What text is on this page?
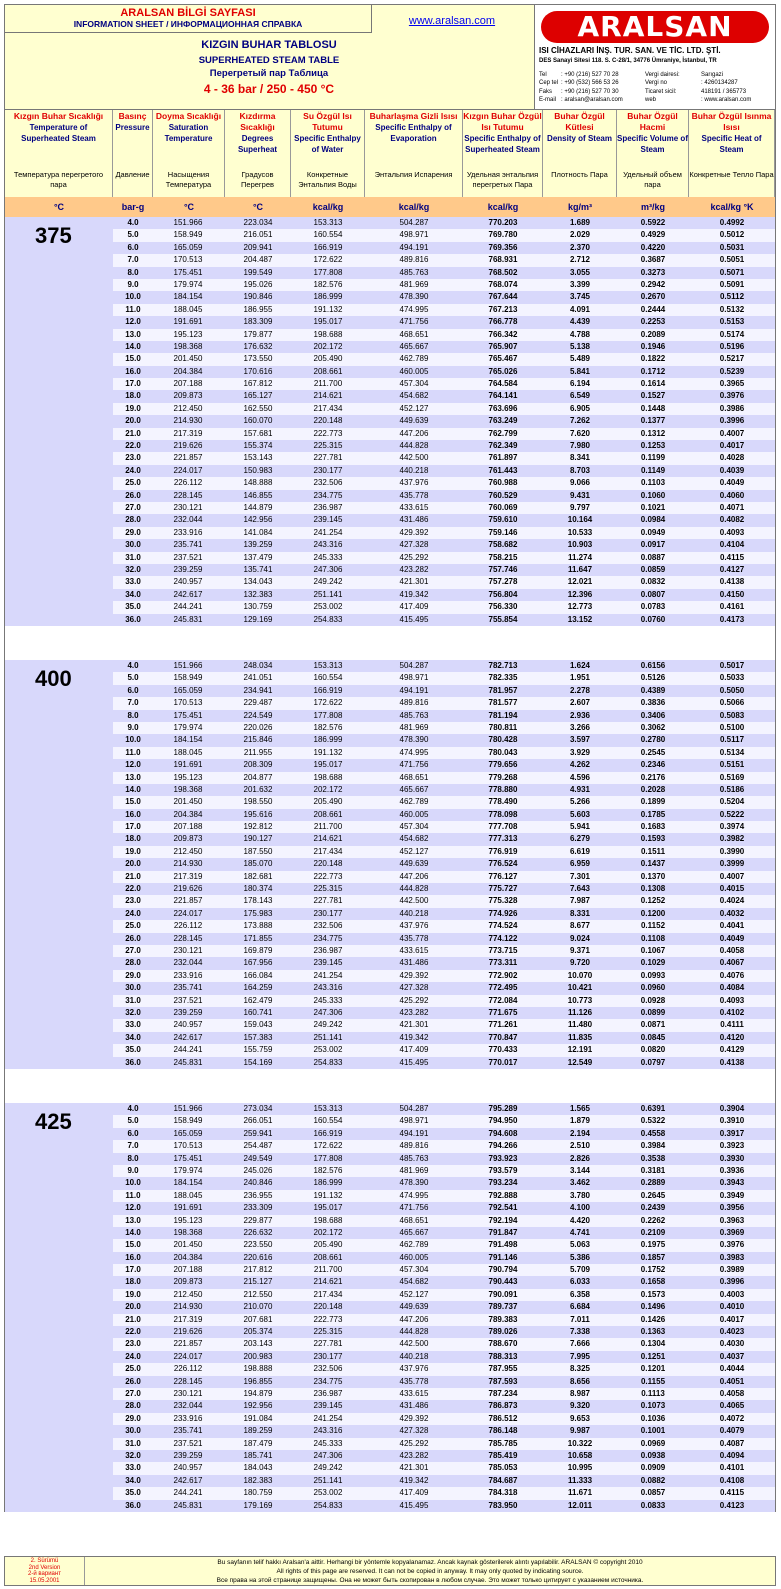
ARALSAN BİLGİ SAYFASI
INFORMATION SHEET / ИНФОРМАЦИОННАЯ СПРАВКА	www.aralsan.com
KIZGIN BUHAR TABLOSU
SUPERHEATED STEAM TABLE
Перегретый пар Таблица
4 - 36 bar / 250 - 450 °C
ARALSAN
ISI CİHAZLARI İNŞ. TUR. SAN. VE TİC. LTD. ŞTİ.
DES Sanayi Sitesi 118. S. C-28/1, 34776 Ümraniye, İstanbul, TR
Tel	: +90 (216) 527 70 28	Vergi dairesi:	Sarıgazi
Cep tel : +90 (532) 566 53 26	Vergi no	: 4260134287
Faks	: +90 (216) 527 70 30	Ticaret sicil:	418191 / 365773
E-mail : aralsan@aralsan.com	web	: www.aralsan.com
Kızgın Buhar Sıcaklığı
Temperature of Superheated Steam
Температура перегретого пара
Basınç
Pressure
Давление
Doyma Sıcaklığı
Saturation Temperature
Насыщения Температура
Kızdırma Sıcaklığı
Degrees Superheat
Градусов Перегрев
Su Özgül Isı Tutumu
Specific Enthalpy of Water
Конкретные Энтальпия Воды
Buharlaşma Gizli Isısı
Specific Enthalpy of Evaporation
Энтальпия Испарения
Kızgın Buhar Özgül Isı Tutumu
Specific Enthalpy of Superheated Steam
Удельная энтальпия перегретых Пара
Buhar Özgül Kütlesi
Density of Steam
Плотность Пара
Buhar Özgül Hacmi
Specific Volume of Steam
Удельный объем пара
Buhar Özgül Isınma Isısı
Specific Heat of Steam
Конкретные Тепло Пара
°C	bar-g	°C	°C	kcal/kg	kcal/kg	kcal/kg	kg/m³	m³/kg	kcal/kg °K
375
4.0	151.966	223.034	153.313	504.287	770.203	1.689	0.5922	0.4992
5.0	158.949	216.051	160.554	498.971	769.780	2.029	0.4929	0.5012
6.0	165.059	209.941	166.919	494.191	769.356	2.370	0.4220	0.5031
7.0	170.513	204.487	172.622	489.816	768.931	2.712	0.3687	0.5051
8.0	175.451	199.549	177.808	485.763	768.502	3.055	0.3273	0.5071
9.0	179.974	195.026	182.576	481.969	768.074	3.399	0.2942	0.5091
10.0	184.154	190.846	186.999	478.390	767.644	3.745	0.2670	0.5112
11.0	188.045	186.955	191.132	474.995	767.213	4.091	0.2444	0.5132
12.0	191.691	183.309	195.017	471.756	766.778	4.439	0.2253	0.5153
13.0	195.123	179.877	198.688	468.651	766.342	4.788	0.2089	0.5174
14.0	198.368	176.632	202.172	465.667	765.907	5.138	0.1946	0.5196
15.0	201.450	173.550	205.490	462.789	765.467	5.489	0.1822	0.5217
16.0	204.384	170.616	208.661	460.005	765.026	5.841	0.1712	0.5239
17.0	207.188	167.812	211.700	457.304	764.584	6.194	0.1614	0.3965
18.0	209.873	165.127	214.621	454.682	764.141	6.549	0.1527	0.3976
19.0	212.450	162.550	217.434	452.127	763.696	6.905	0.1448	0.3986
20.0	214.930	160.070	220.148	449.639	763.249	7.262	0.1377	0.3996
21.0	217.319	157.681	222.773	447.206	762.799	7.620	0.1312	0.4007
22.0	219.626	155.374	225.315	444.828	762.349	7.980	0.1253	0.4017
23.0	221.857	153.143	227.781	442.500	761.897	8.341	0.1199	0.4028
24.0	224.017	150.983	230.177	440.218	761.443	8.703	0.1149	0.4039
25.0	226.112	148.888	232.506	437.976	760.988	9.066	0.1103	0.4049
26.0	228.145	146.855	234.775	435.778	760.529	9.431	0.1060	0.4060
27.0	230.121	144.879	236.987	433.615	760.069	9.797	0.1021	0.4071
28.0	232.044	142.956	239.145	431.486	759.610	10.164	0.0984	0.4082
29.0	233.916	141.084	241.254	429.392	759.146	10.533	0.0949	0.4093
30.0	235.741	139.259	243.316	427.328	758.682	10.903	0.0917	0.4104
31.0	237.521	137.479	245.333	425.292	758.215	11.274	0.0887	0.4115
32.0	239.259	135.741	247.306	423.282	757.746	11.647	0.0859	0.4127
33.0	240.957	134.043	249.242	421.301	757.278	12.021	0.0832	0.4138
34.0	242.617	132.383	251.141	419.342	756.804	12.396	0.0807	0.4150
35.0	244.241	130.759	253.002	417.409	756.330	12.773	0.0783	0.4161
36.0	245.831	129.169	254.833	415.495	755.854	13.152	0.0760	0.4173
400
4.0	151.966	248.034	153.313	504.287	782.713	1.624	0.6156	0.5017
5.0	158.949	241.051	160.554	498.971	782.335	1.951	0.5126	0.5033
6.0	165.059	234.941	166.919	494.191	781.957	2.278	0.4389	0.5050
7.0	170.513	229.487	172.622	489.816	781.577	2.607	0.3836	0.5066
8.0	175.451	224.549	177.808	485.763	781.194	2.936	0.3406	0.5083
9.0	179.974	220.026	182.576	481.969	780.811	3.266	0.3062	0.5100
10.0	184.154	215.846	186.999	478.390	780.428	3.597	0.2780	0.5117
11.0	188.045	211.955	191.132	474.995	780.043	3.929	0.2545	0.5134
12.0	191.691	208.309	195.017	471.756	779.656	4.262	0.2346	0.5151
13.0	195.123	204.877	198.688	468.651	779.268	4.596	0.2176	0.5169
14.0	198.368	201.632	202.172	465.667	778.880	4.931	0.2028	0.5186
15.0	201.450	198.550	205.490	462.789	778.490	5.266	0.1899	0.5204
16.0	204.384	195.616	208.661	460.005	778.098	5.603	0.1785	0.5222
17.0	207.188	192.812	211.700	457.304	777.708	5.941	0.1683	0.3974
18.0	209.873	190.127	214.621	454.682	777.313	6.279	0.1593	0.3982
19.0	212.450	187.550	217.434	452.127	776.919	6.619	0.1511	0.3990
20.0	214.930	185.070	220.148	449.639	776.524	6.959	0.1437	0.3999
21.0	217.319	182.681	222.773	447.206	776.127	7.301	0.1370	0.4007
22.0	219.626	180.374	225.315	444.828	775.727	7.643	0.1308	0.4015
23.0	221.857	178.143	227.781	442.500	775.328	7.987	0.1252	0.4024
24.0	224.017	175.983	230.177	440.218	774.926	8.331	0.1200	0.4032
25.0	226.112	173.888	232.506	437.976	774.524	8.677	0.1152	0.4041
26.0	228.145	171.855	234.775	435.778	774.122	9.024	0.1108	0.4049
27.0	230.121	169.879	236.987	433.615	773.715	9.371	0.1067	0.4058
28.0	232.044	167.956	239.145	431.486	773.311	9.720	0.1029	0.4067
29.0	233.916	166.084	241.254	429.392	772.902	10.070	0.0993	0.4076
30.0	235.741	164.259	243.316	427.328	772.495	10.421	0.0960	0.4084
31.0	237.521	162.479	245.333	425.292	772.084	10.773	0.0928	0.4093
32.0	239.259	160.741	247.306	423.282	771.675	11.126	0.0899	0.4102
33.0	240.957	159.043	249.242	421.301	771.261	11.480	0.0871	0.4111
34.0	242.617	157.383	251.141	419.342	770.847	11.835	0.0845	0.4120
35.0	244.241	155.759	253.002	417.409	770.433	12.191	0.0820	0.4129
36.0	245.831	154.169	254.833	415.495	770.017	12.549	0.0797	0.4138
425
4.0	151.966	273.034	153.313	504.287	795.289	1.565	0.6391	0.3904
5.0	158.949	266.051	160.554	498.971	794.950	1.879	0.5322	0.3910
6.0	165.059	259.941	166.919	494.191	794.608	2.194	0.4558	0.3917
7.0	170.513	254.487	172.622	489.816	794.266	2.510	0.3984	0.3923
8.0	175.451	249.549	177.808	485.763	793.923	2.826	0.3538	0.3930
9.0	179.974	245.026	182.576	481.969	793.579	3.144	0.3181	0.3936
10.0	184.154	240.846	186.999	478.390	793.234	3.462	0.2889	0.3943
11.0	188.045	236.955	191.132	474.995	792.888	3.780	0.2645	0.3949
12.0	191.691	233.309	195.017	471.756	792.541	4.100	0.2439	0.3956
13.0	195.123	229.877	198.688	468.651	792.194	4.420	0.2262	0.3963
14.0	198.368	226.632	202.172	465.667	791.847	4.741	0.2109	0.3969
15.0	201.450	223.550	205.490	462.789	791.498	5.063	0.1975	0.3976
16.0	204.384	220.616	208.661	460.005	791.146	5.386	0.1857	0.3983
17.0	207.188	217.812	211.700	457.304	790.794	5.709	0.1752	0.3989
18.0	209.873	215.127	214.621	454.682	790.443	6.033	0.1658	0.3996
19.0	212.450	212.550	217.434	452.127	790.091	6.358	0.1573	0.4003
20.0	214.930	210.070	220.148	449.639	789.737	6.684	0.1496	0.4010
21.0	217.319	207.681	222.773	447.206	789.383	7.011	0.1426	0.4017
22.0	219.626	205.374	225.315	444.828	789.026	7.338	0.1363	0.4023
23.0	221.857	203.143	227.781	442.500	788.670	7.666	0.1304	0.4030
24.0	224.017	200.983	230.177	440.218	788.313	7.995	0.1251	0.4037
25.0	226.112	198.888	232.506	437.976	787.955	8.325	0.1201	0.4044
26.0	228.145	196.855	234.775	435.778	787.593	8.656	0.1155	0.4051
27.0	230.121	194.879	236.987	433.615	787.234	8.987	0.1113	0.4058
28.0	232.044	192.956	239.145	431.486	786.873	9.320	0.1073	0.4065
29.0	233.916	191.084	241.254	429.392	786.512	9.653	0.1036	0.4072
30.0	235.741	189.259	243.316	427.328	786.148	9.987	0.1001	0.4079
31.0	237.521	187.479	245.333	425.292	785.785	10.322	0.0969	0.4087
32.0	239.259	185.741	247.306	423.282	785.419	10.658	0.0938	0.4094
33.0	240.957	184.043	249.242	421.301	785.053	10.995	0.0909	0.4101
34.0	242.617	182.383	251.141	419.342	784.687	11.333	0.0882	0.4108
35.0	244.241	180.759	253.002	417.409	784.318	11.671	0.0857	0.4115
36.0	245.831	179.169	254.833	415.495	783.950	12.011	0.0833	0.4123
2. Sürümü
2nd Version
2-й вариант
15.05.2001
Bu sayfanın telif hakkı Aralsan'a aittir. Herhangi bir yöntemle kopyalanamaz. Ancak kaynak gösterilerek alıntı yapılabilir. ARALSAN © copyright 2010
All rights of this page are reserved. It can not be copied in anyway. It may only quoted by indicating source.
Все права на этой странице защищены. Она не может быть скопирован в любом случае. Это может только цитирует с указанием источника.
